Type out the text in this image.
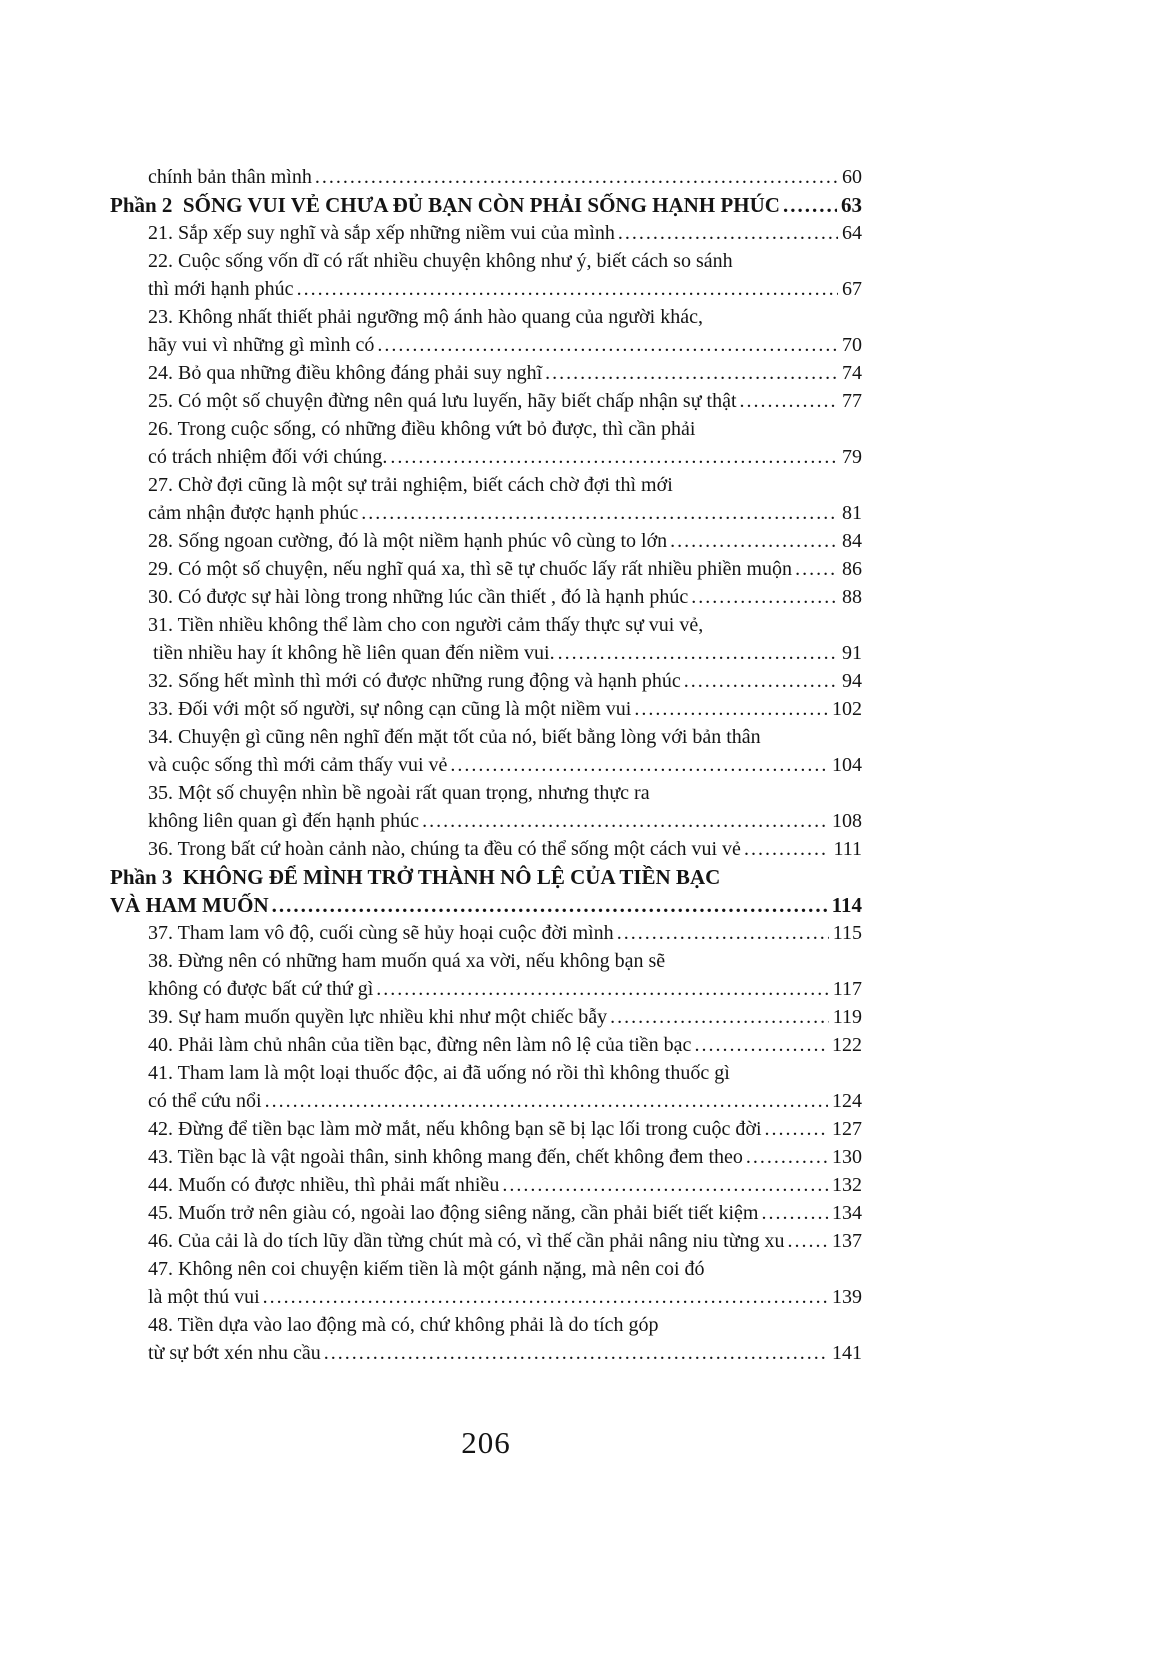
chính bản thân mình .....	60
Phần 2  SỐNG VUI VẺ CHƯA ĐỦ BẠN CÒN PHẢI SỐNG HẠNH PHÚC .....	63
21. Sắp xếp suy nghĩ và sắp xếp những niềm vui của mình .....	64
22. Cuộc sống vốn dĩ có rất nhiều chuyện không như ý, biết cách so sánh
thì mới hạnh phúc .....	67
23. Không nhất thiết phải ngưỡng mộ ánh hào quang của người khác,
hãy vui vì những gì mình có .....	70
24. Bỏ qua những điều không đáng phải suy nghĩ .....	74
25. Có một số chuyện đừng nên quá lưu luyến, hãy biết chấp nhận sự thật .....	77
26. Trong cuộc sống, có những điều không vứt bỏ được, thì cần phải
có trách nhiệm đối với chúng. .....	79
27. Chờ đợi cũng là một sự trải nghiệm, biết cách chờ đợi thì mới
cảm nhận được hạnh phúc .....	81
28. Sống ngoan cường, đó là một niềm hạnh phúc vô cùng to lớn .....	84
29. Có một số chuyện, nếu nghĩ quá xa, thì sẽ tự chuốc lấy rất nhiều phiền muộn ..... 86
30. Có được sự hài lòng trong những lúc cần thiết , đó là hạnh phúc .....	88
31. Tiền nhiều không thể làm cho con người cảm thấy thực sự vui vẻ,
tiền nhiều hay ít không hề liên quan đến niềm vui. .....	91
32. Sống hết mình thì mới có được những rung động và hạnh phúc .....	94
33. Đối với một số người, sự nông cạn cũng là một niềm vui .....	102
34. Chuyện gì cũng nên nghĩ đến mặt tốt của nó, biết bằng lòng với bản thân
và cuộc sống thì mới cảm thấy vui vẻ .....	104
35. Một số chuyện nhìn bề ngoài rất quan trọng, nhưng thực ra
không liên quan gì đến hạnh phúc .....	108
36. Trong bất cứ hoàn cảnh nào, chúng ta đều có thể sống một cách vui vẻ .....	111
Phần 3  KHÔNG ĐỂ MÌNH TRỞ THÀNH NÔ LỆ CỦA TIỀN BẠC
VÀ HAM MUỐN .....	114
37. Tham lam vô độ, cuối cùng sẽ hủy hoại cuộc đời mình .....	115
38. Đừng nên có những ham muốn quá xa vời, nếu không bạn sẽ
không có được bất cứ thứ gì .....	117
39. Sự ham muốn quyền lực nhiều khi như một chiếc bẫy .....	119
40. Phải làm chủ nhân của tiền bạc, đừng nên làm nô lệ của tiền bạc .....	122
41. Tham lam là một loại thuốc độc, ai đã uống nó rồi thì không thuốc gì
có thể cứu nổi .....	124
42. Đừng để tiền bạc làm mờ mắt, nếu không bạn sẽ bị lạc lối trong cuộc đời .....	127
43. Tiền bạc là vật ngoài thân, sinh không mang đến, chết không đem theo .....	130
44. Muốn có được nhiều, thì phải mất nhiều .....	132
45. Muốn trở nên giàu có, ngoài lao động siêng năng, cần phải biết tiết kiệm .....	134
46. Của cải là do tích lũy dần từng chút mà có, vì thế cần phải nâng niu từng xu ..... 137
47. Không nên coi chuyện kiếm tiền là một gánh nặng, mà nên coi đó
là một thú vui .....	139
48. Tiền dựa vào lao động mà có, chứ không phải là do tích góp
từ sự bớt xén nhu cầu .....	141
206
